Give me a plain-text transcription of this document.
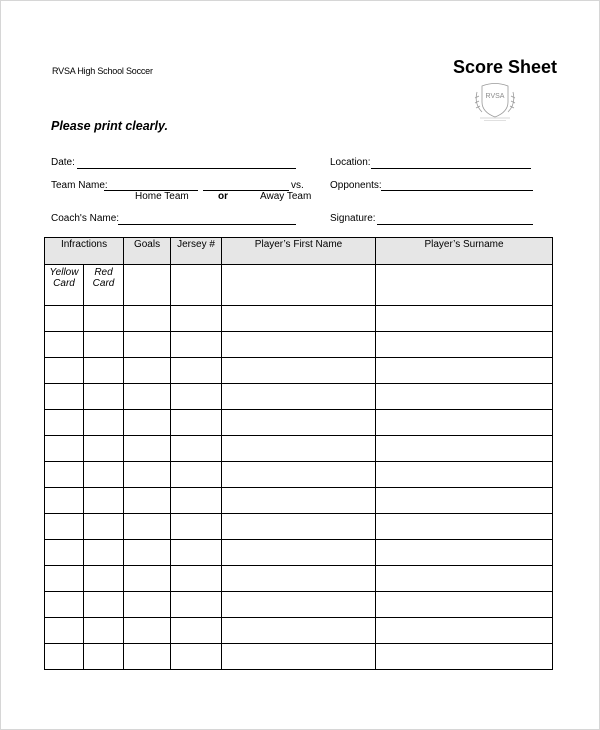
RVSA High School Soccer	Score Sheet
RVSA
Please print clearly.
Date:	Location:
Team Name:	vs.	Opponents:
Home Team	or	Away Team
Coach's Name:	Signature:
Infractions		Goals	Jersey #	Player’s First Name	Player’s Surname
Yellow Card	Red Card				
